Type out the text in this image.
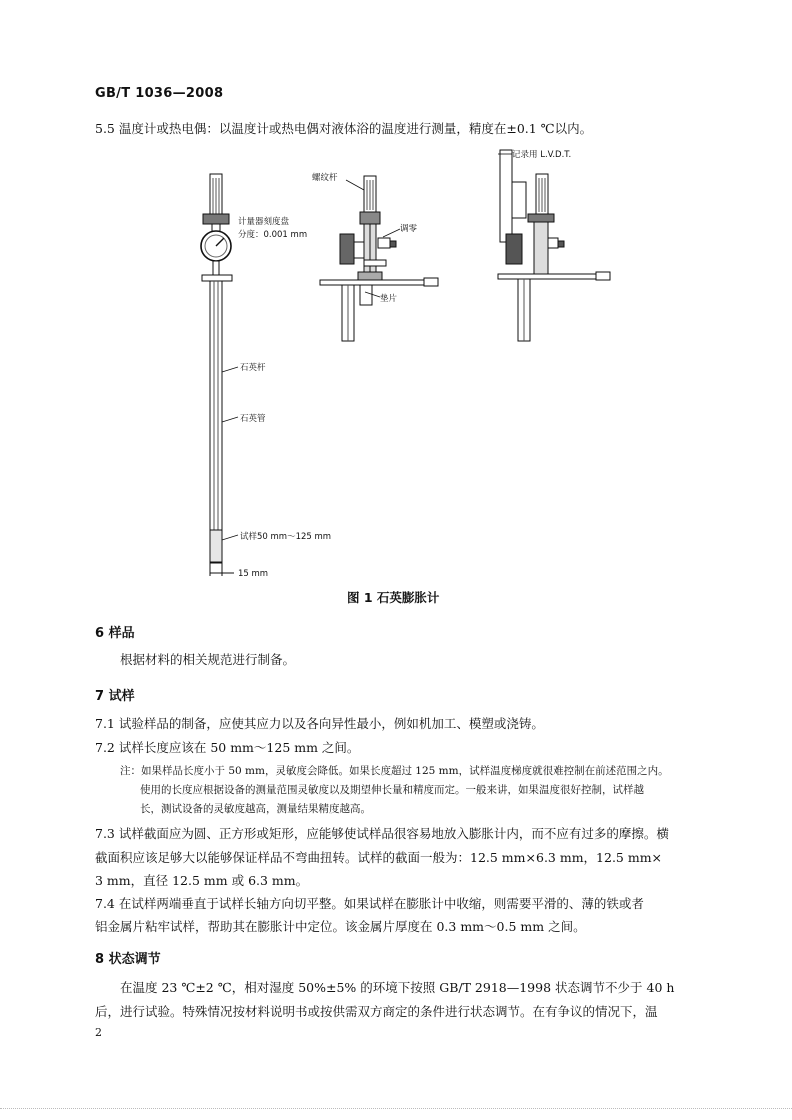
GB/T 1036—2008
5.5 温度计或热电偶：以温度计或热电偶对液体浴的温度进行测量，精度在±0.1 ℃以内。
计量器刻度盘
分度：0.001 mm
石英杆
石英管
试样50 mm～125 mm
15 mm
螺纹杆
调零
垫片
记录用 L.V.D.T.
图 1 石英膨胀计
6 样品
根据材料的相关规范进行制备。
7 试样
7.1 试验样品的制备，应使其应力以及各向异性最小，例如机加工、模塑或浇铸。
7.2 试样长度应该在 50 mm～125 mm 之间。
注：如果样品长度小于 50 mm，灵敏度会降低。如果长度超过 125 mm，试样温度梯度就很难控制在前述范围之内。
使用的长度应根据设备的测量范围灵敏度以及期望伸长量和精度而定。一般来讲，如果温度很好控制，试样越
长，测试设备的灵敏度越高，测量结果精度越高。
7.3 试样截面应为圆、正方形或矩形，应能够使试样品很容易地放入膨胀计内，而不应有过多的摩擦。横
截面积应该足够大以能够保证样品不弯曲扭转。试样的截面一般为：12.5 mm×6.3 mm，12.5 mm×
3 mm，直径 12.5 mm 或 6.3 mm。
7.4 在试样两端垂直于试样长轴方向切平整。如果试样在膨胀计中收缩，则需要平滑的、薄的铁或者
铝金属片粘牢试样，帮助其在膨胀计中定位。该金属片厚度在 0.3 mm～0.5 mm 之间。
8 状态调节
在温度 23 ℃±2 ℃，相对湿度 50%±5% 的环境下按照 GB/T 2918—1998 状态调节不少于 40 h
后，进行试验。特殊情况按材料说明书或按供需双方商定的条件进行状态调节。在有争议的情况下，温
2
